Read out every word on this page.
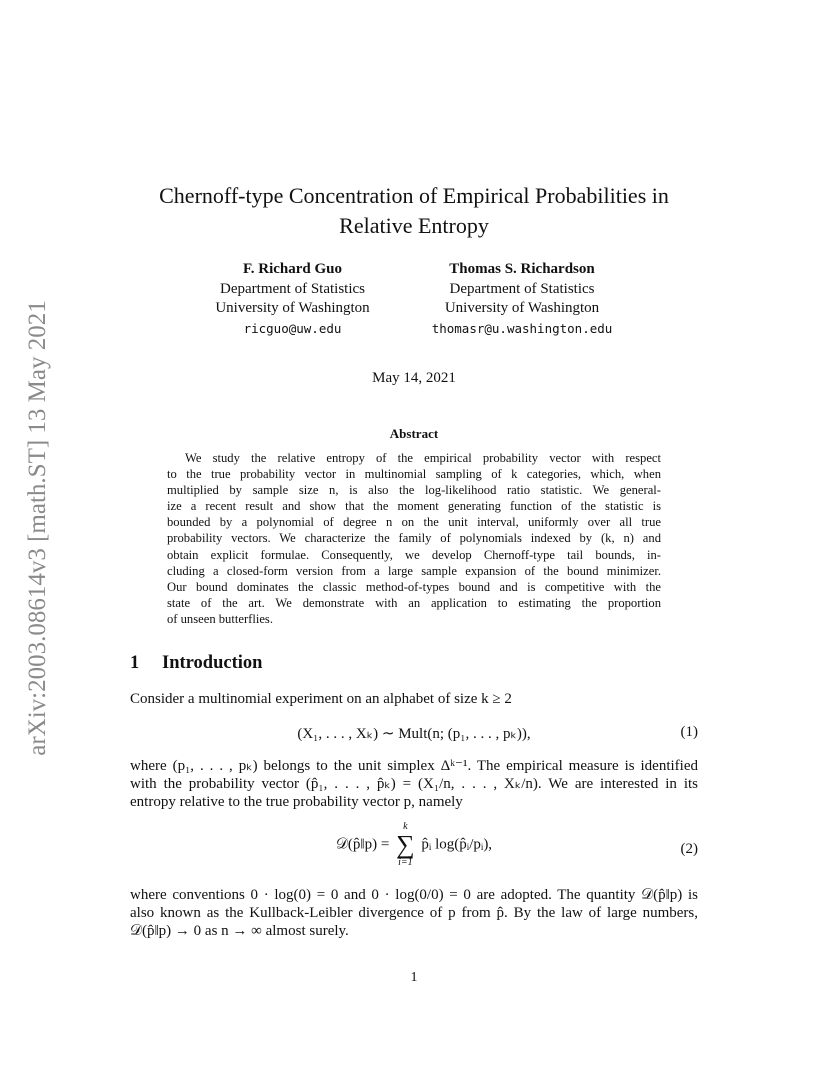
arXiv:2003.08614v3 [math.ST] 13 May 2021
Chernoff-type Concentration of Empirical Probabilities in
Relative Entropy
F. Richard Guo
Department of Statistics
University of Washington
ricguo@uw.edu
Thomas S. Richardson
Department of Statistics
University of Washington
thomasr@u.washington.edu
May 14, 2021
Abstract
We study the relative entropy of the empirical probability vector with respect
to the true probability vector in multinomial sampling of k categories, which, when
multiplied by sample size n, is also the log-likelihood ratio statistic. We general-
ize a recent result and show that the moment generating function of the statistic is
bounded by a polynomial of degree n on the unit interval, uniformly over all true
probability vectors. We characterize the family of polynomials indexed by (k, n) and
obtain explicit formulae. Consequently, we develop Chernoff-type tail bounds, in-
cluding a closed-form version from a large sample expansion of the bound minimizer.
Our bound dominates the classic method-of-types bound and is competitive with the
state of the art. We demonstrate with an application to estimating the proportion
of unseen butterflies.
1 Introduction
Consider a multinomial experiment on an alphabet of size k ≥ 2
(X₁, . . . , Xₖ) ∼ Mult(n; (p₁, . . . , pₖ)),	(1)
where (p₁, . . . , pₖ) belongs to the unit simplex Δᵏ⁻¹. The empirical measure is identified
with the probability vector (p̂₁, . . . , p̂ₖ) = (X₁/n, . . . , Xₖ/n). We are interested in its
entropy relative to the true probability vector p, namely
𝒟(p̂‖p) =
k
∑
i=1
p̂ᵢ log(p̂ᵢ/pᵢ),	(2)
where conventions 0 · log(0) = 0 and 0 · log(0/0) = 0 are adopted. The quantity 𝒟(p̂‖p) is
also known as the Kullback-Leibler divergence of p from p̂. By the law of large numbers,
𝒟(p̂‖p) → 0 as n → ∞ almost surely.
1
